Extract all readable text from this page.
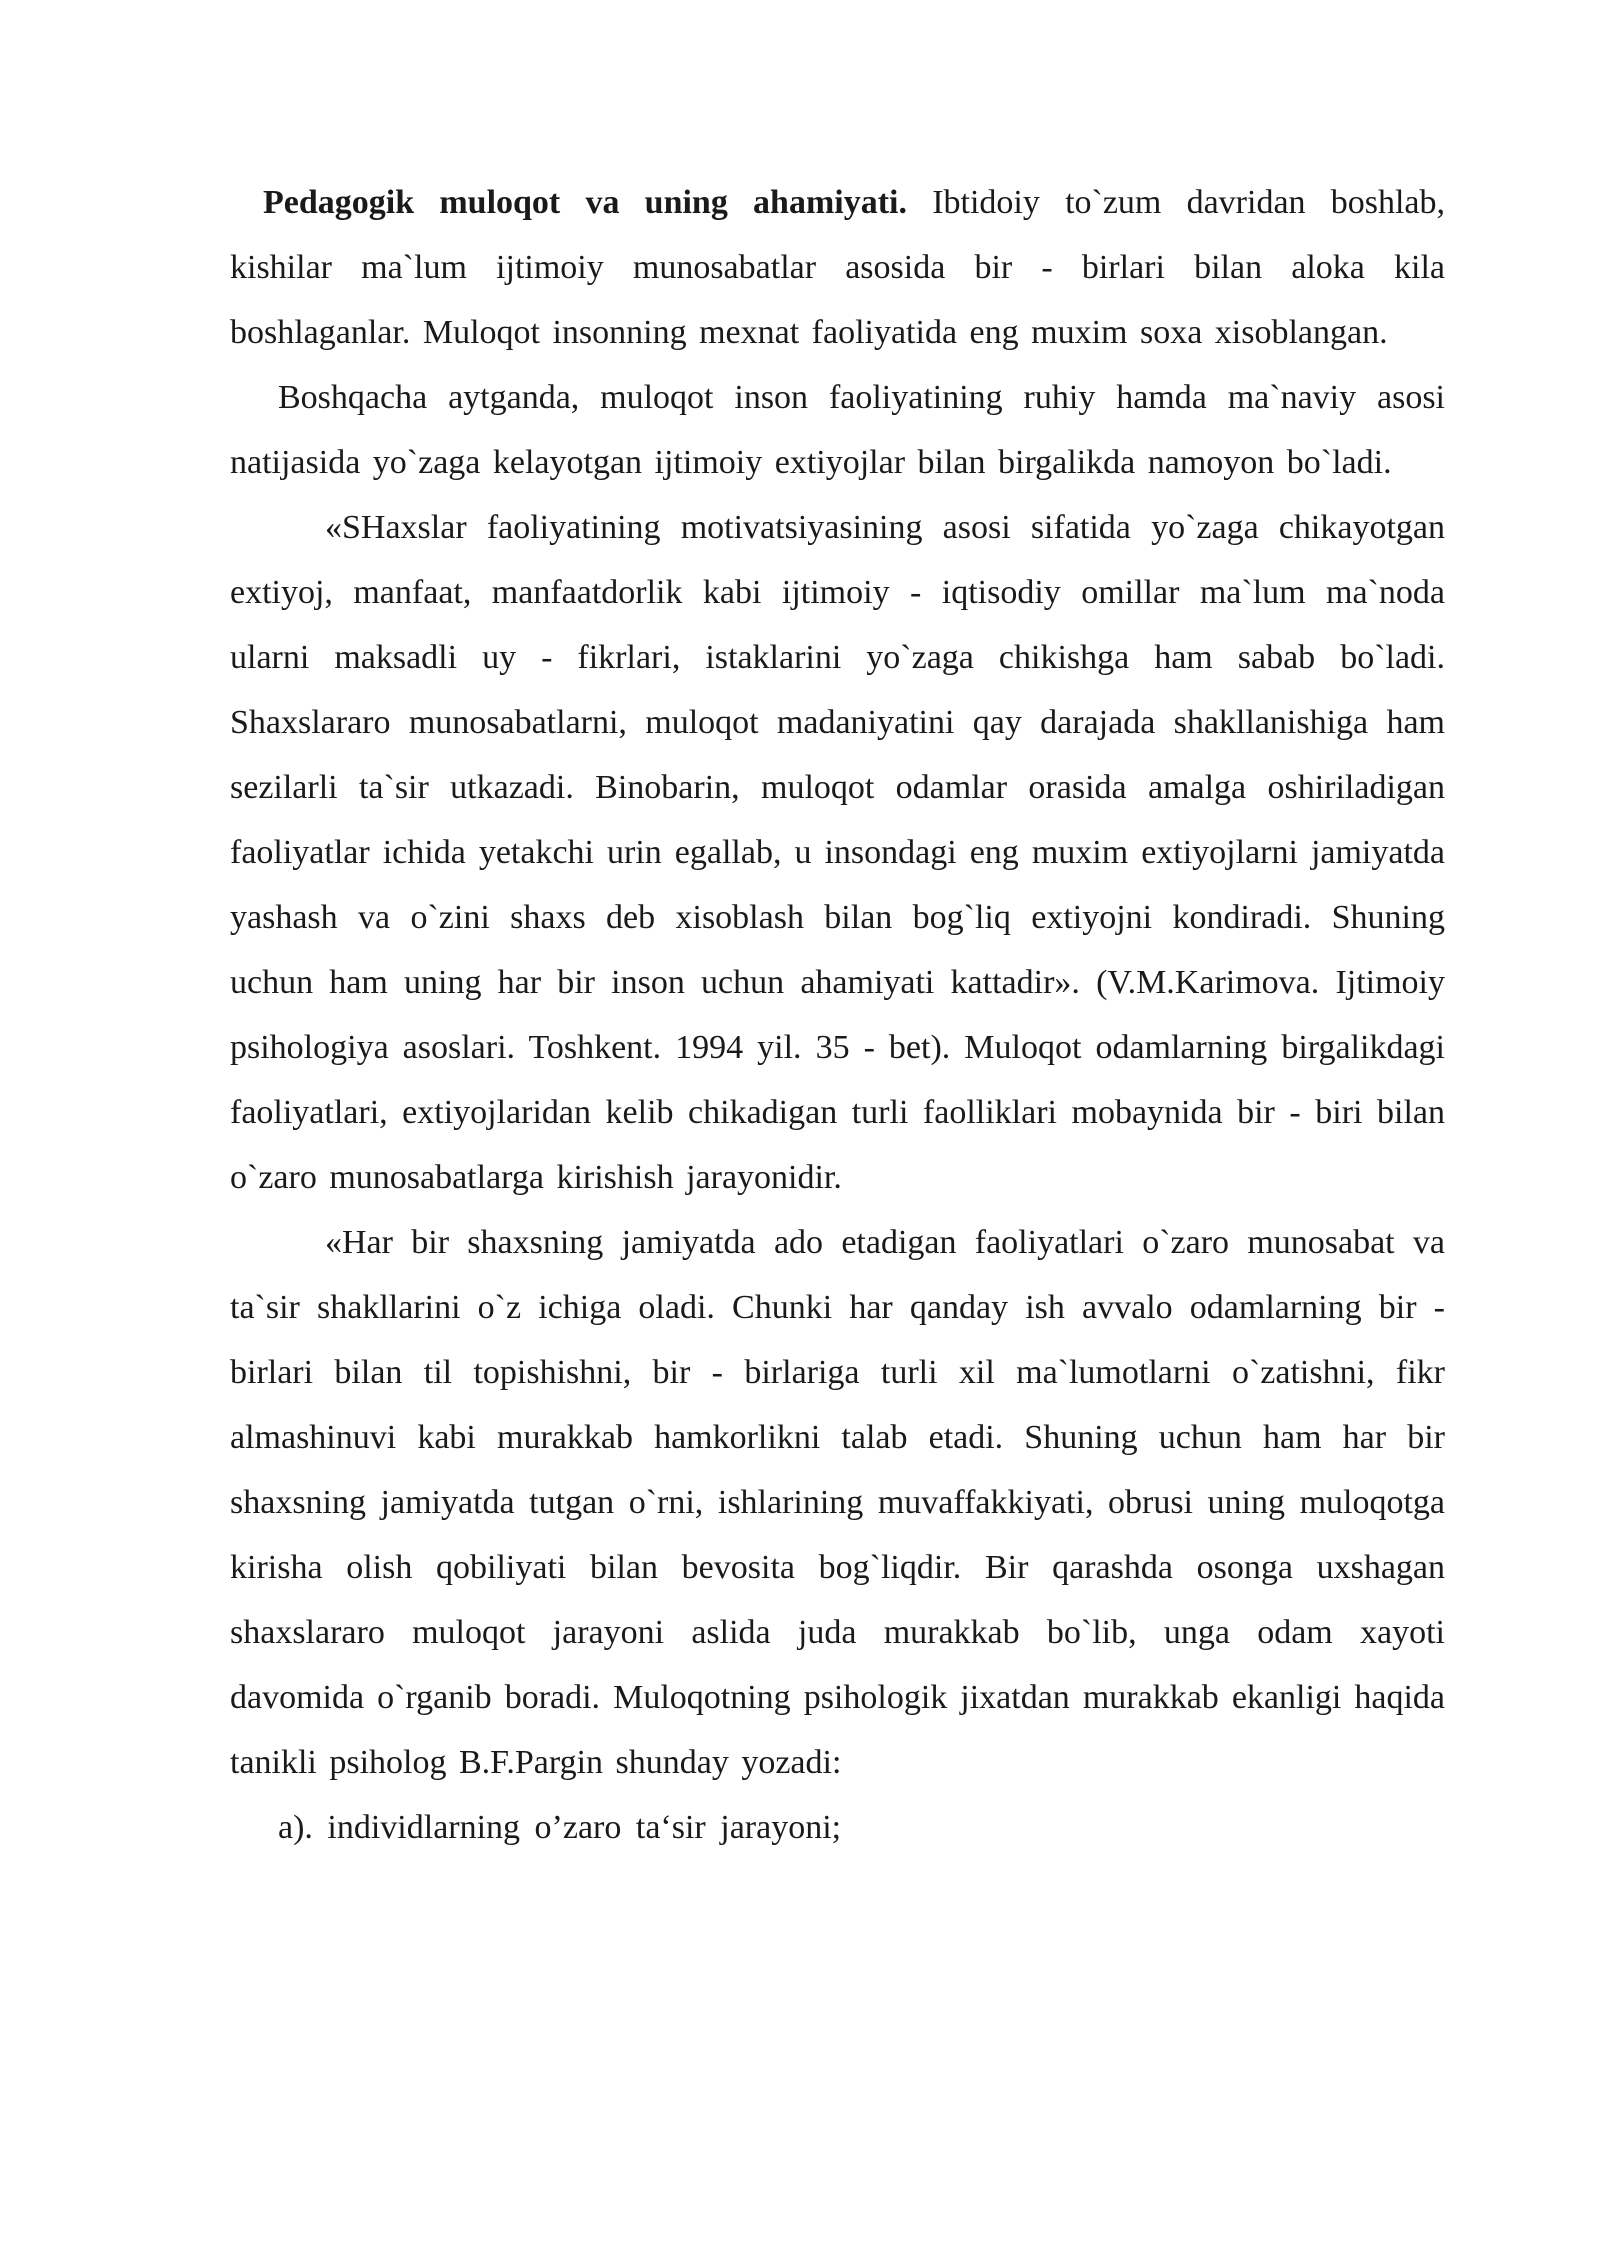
Pedagogik muloqot va uning ahamiyati. Ibtidoiy to`zum davridan boshlab, kishilar ma`lum ijtimoiy munosabatlar asosida bir - birlari bilan aloka kila boshlaganlar. Muloqot insonning mexnat faoliyatida eng muxim soxa xisoblangan.

Boshqacha aytganda, muloqot inson faoliyatining ruhiy hamda ma`naviy asosi natijasida yo`zaga kelayotgan ijtimoiy extiyojlar bilan birgalikda namoyon bo`ladi.

«SHaxslar faoliyatining motivatsiyasining asosi sifatida yo`zaga chikayotgan extiyoj, manfaat, manfaatdorlik kabi ijtimoiy - iqtisodiy omillar ma`lum ma`noda ularni maksadli uy - fikrlari, istaklarini yo`zaga chikishga ham sabab bo`ladi. Shaxslararo munosabatlarni, muloqot madaniyatini qay darajada shakllanishiga ham sezilarli ta`sir utkazadi. Binobarin, muloqot odamlar orasida amalga oshiriladigan faoliyatlar ichida yetakchi urin egallab, u insondagi eng muxim extiyojlarni jamiyatda yashash va o`zini shaxs deb xisoblash bilan bog`liq extiyojni kondiradi. Shuning uchun ham uning har bir inson uchun ahamiyati kattadir». (V.M.Karimova. Ijtimoiy psihologiya asoslari. Toshkent. 1994 yil. 35 - bet). Muloqot odamlarning birgalikdagi faoliyatlari, extiyojlaridan kelib chikadigan turli faolliklari mobaynida bir - biri bilan o`zaro munosabatlarga kirishish jarayonidir.

«Har bir shaxsning jamiyatda ado etadigan faoliyatlari o`zaro munosabat va ta`sir shakllarini o`z ichiga oladi. Chunki har qanday ish avvalo odamlarning bir - birlari bilan til topishishni, bir - birlariga turli xil ma`lumotlarni o`zatishni, fikr almashinuvi kabi murakkab hamkorlikni talab etadi. Shuning uchun ham har bir shaxsning jamiyatda tutgan o`rni, ishlarining muvaffakkiyati, obrusi uning muloqotga kirisha olish qobiliyati bilan bevosita bog`liqdir. Bir qarashda osonga uxshagan shaxslararo muloqot jarayoni aslida juda murakkab bo`lib, unga odam xayoti davomida o`rganib boradi. Muloqotning psihologik jixatdan murakkab ekanligi haqida tanikli psiholog B.F.Pargin shunday yozadi:

a). individlarning o’zaro ta‘sir jarayoni;
